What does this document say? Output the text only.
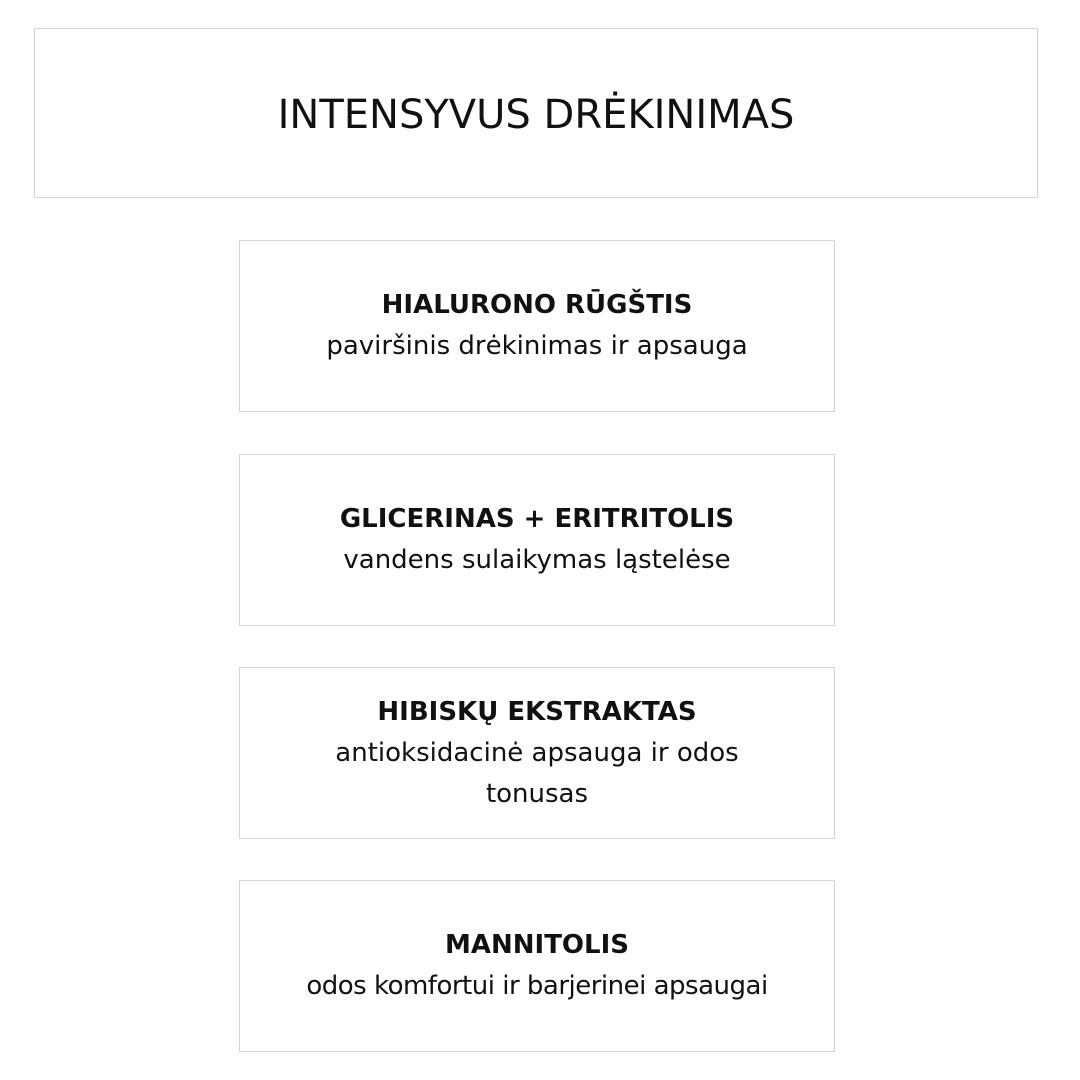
INTENSYVUS DRĖKINIMAS
HIALURONO RŪGŠTIS
paviršinis drėkinimas ir apsauga
GLICERINAS + ERITRITOLIS
vandens sulaikymas ląstelėse
HIBISKŲ EKSTRAKTAS
antioksidacinė apsauga ir odos tonusas
MANNITOLIS
odos komfortui ir barjerinei apsaugai
